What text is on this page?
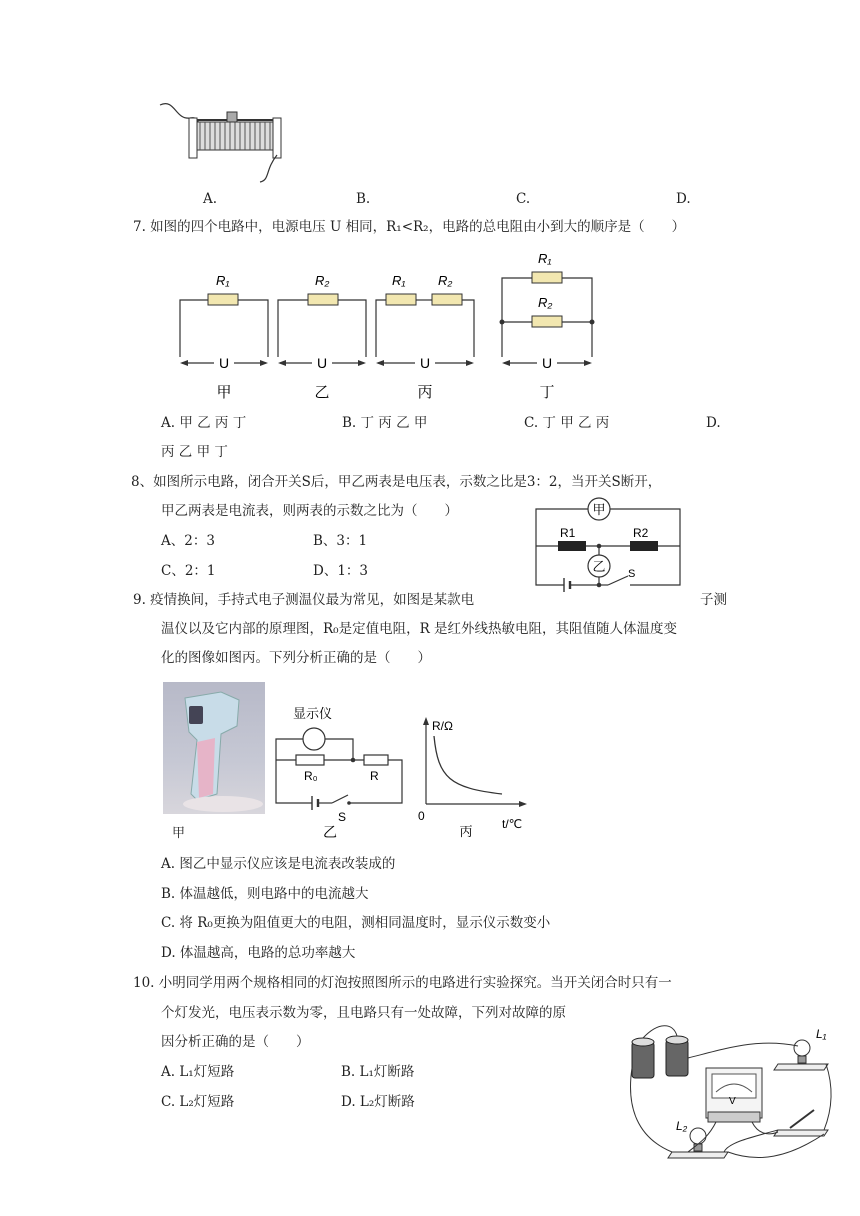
A.	B.	C.	D.
7. 如图的四个电路中，电源电压 U 相同，R₁<R₂，电路的总电阻由小到大的顺序是（　　）
R₁
U
甲
R₂
U
乙
R₁	R₂
U
丙
R₁
R₂
U
丁
A. 甲 乙 丙 丁	B. 丁 丙 乙 甲	C. 丁 甲 乙 丙	D.
丙 乙 甲 丁
8、如图所示电路，闭合开关S后，甲乙两表是电压表，示数之比是3：2，当开关S断开，
甲乙两表是电流表，则两表的示数之比为（　　）
A、2：3	B、3：1
C、2：1	D、1：3
甲
R1	R2
乙 S
9. 疫情换间，手持式电子测温仪最为常见，如图是某款电	子测
温仪以及它内部的原理图，R₀是定值电阻，R 是红外线热敏电阻，其阻值随人体温度变
化的图像如图丙。下列分析正确的是（　　）
甲
显示仪
R₀	R
S
乙
R/Ω
0
t/℃
丙
A. 图乙中显示仪应该是电流表改装成的
B. 体温越低，则电路中的电流越大
C. 将 R₀更换为阻值更大的电阻，测相同温度时，显示仪示数变小
D. 体温越高，电路的总功率越大
10. 小明同学用两个规格相同的灯泡按照图所示的电路进行实验探究。当开关闭合时只有一
个灯发光，电压表示数为零，且电路只有一处故障，下列对故障的原
因分析正确的是（　　）
A. L₁灯短路	B. L₁灯断路
C. L₂灯短路	D. L₂灯断路
L₁
V
L₂
